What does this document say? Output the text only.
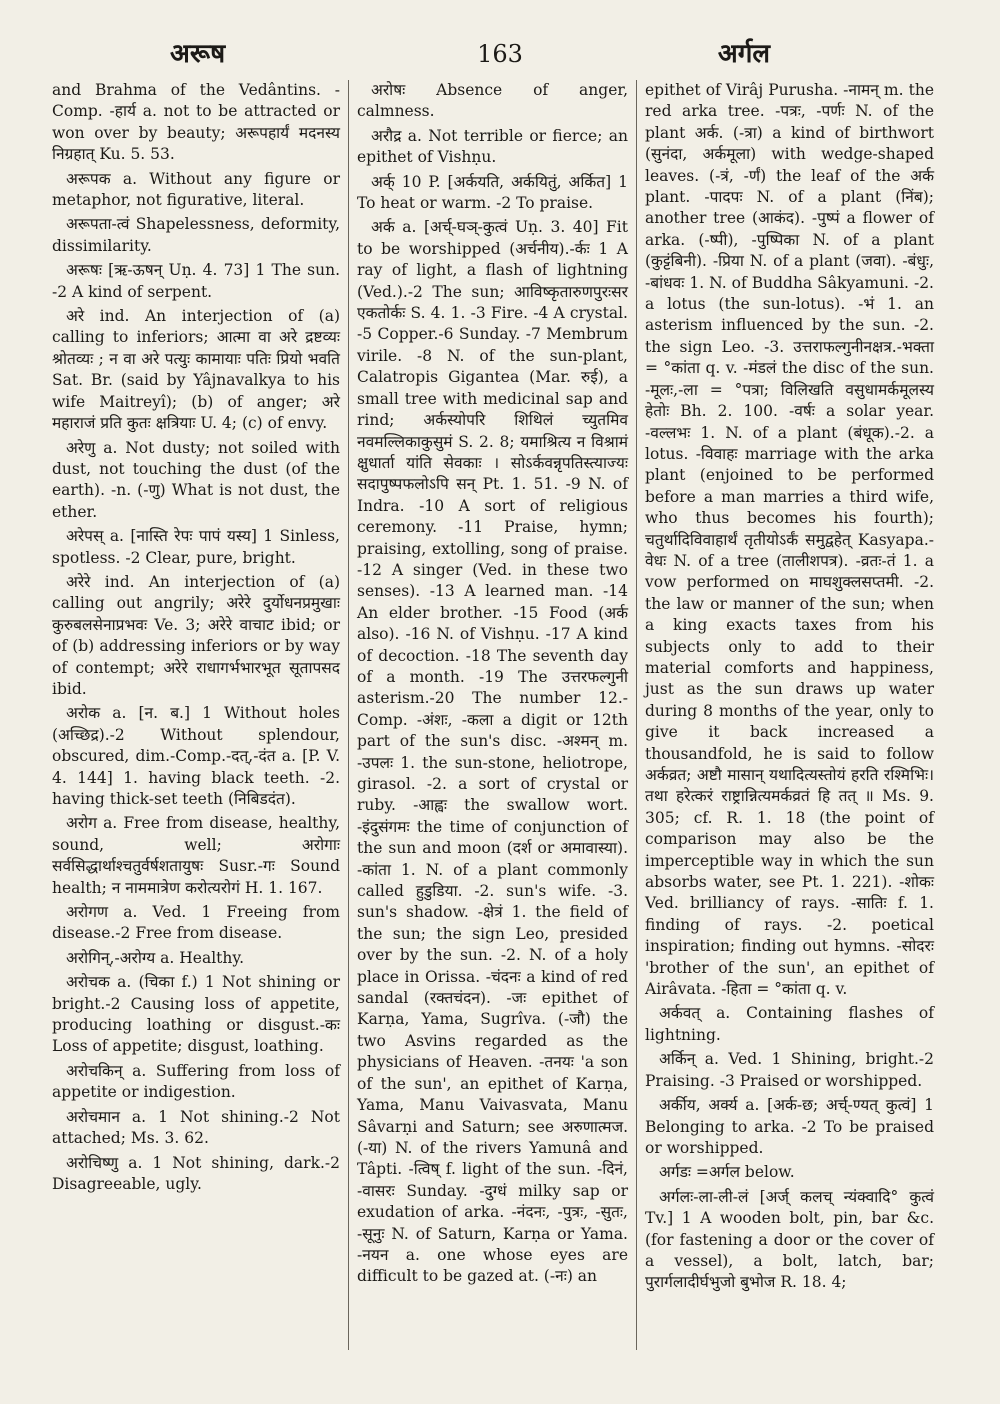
अरूष	163	अर्गल

and Brahma of the Vedântins. -Comp. -हार्य a. not to be attracted or won over by beauty; अरूपहार्यं मदनस्य निग्रहात् Ku. 5. 53.

अरूपक a. Without any figure or metaphor, not figurative, literal.

अरूपता-त्वं Shapelessness, deformity, dissimilarity.

अरूषः [ऋ-ऊषन् Uṇ. 4. 73] 1 The sun. -2 A kind of serpent.

अरे ind. An interjection of (a) calling to inferiors; आत्मा वा अरे द्रष्टव्यः श्रोतव्यः ; न वा अरे पत्युः कामायाः पतिः प्रियो भवति Sat. Br. (said by Yâjnavalkya to his wife Maitreyî); (b) of anger; अरे महाराजं प्रति कुतः क्षत्रियाः U. 4; (c) of envy.

अरेणु a. Not dusty; not soiled with dust, not touching the dust (of the earth). -n. (-णु) What is not dust, the ether.

अरेपस् a. [नास्ति रेपः पापं यस्य] 1 Sinless, spotless. -2 Clear, pure, bright.

अरेरे ind. An interjection of (a) calling out angrily; अरेरे दुर्योधनप्रमुखाः कुरुबलसेनाप्रभवः Ve. 3; अरेरे वाचाट ibid; or of (b) addressing inferiors or by way of contempt; अरेरे राधागर्भभारभूत सूतापसद ibid.

अरोक a. [न. ब.] 1 Without holes (अच्छिद्र).-2 Without splendour, obscured, dim.-Comp.-दत्,-दंत a. [P. V. 4. 144] 1. having black teeth. -2. having thick-set teeth (निबिडदंत).

अरोग a. Free from disease, healthy, sound, well; अरोगाः सर्वसिद्धार्थाश्चतुर्वर्षशतायुषः Susr.-गः Sound health; न नाममात्रेण करोत्यरोगं H. 1. 167.

अरोगण a. Ved. 1 Freeing from disease.-2 Free from disease.

अरोगिन्,-अरोग्य a. Healthy.

अरोचक a. (चिका f.) 1 Not shining or bright.-2 Causing loss of appetite, producing loathing or disgust.-कः Loss of appetite; disgust, loathing.

अरोचकिन् a. Suffering from loss of appetite or indigestion.

अरोचमान a. 1 Not shining.-2 Not attached; Ms. 3. 62.

अरोचिष्णु a. 1 Not shining, dark.-2 Disagreeable, ugly.

अरोषः Absence of anger, calmness.

अरौद्र a. Not terrible or fierce; an epithet of Vishṇu.

अर्क् 10 P. [अर्कयति, अर्कयितुं, अर्कित] 1 To heat or warm. -2 To praise.

अर्क a. [अर्च्-घञ्-कुत्वं Uṇ. 3. 40] Fit to be worshipped (अर्चनीय).-र्कः 1 A ray of light, a flash of lightning (Ved.).-2 The sun; आविष्कृतारुणपुरःसर एकतोर्कः S. 4. 1. -3 Fire. -4 A crystal. -5 Copper.-6 Sunday. -7 Membrum virile. -8 N. of the sun-plant, Calatropis Gigantea (Mar. रुई), a small tree with medicinal sap and rind; अर्कस्योपरि शिथिलं च्युतमिव नवमल्लिकाकुसुमं S. 2. 8; यमाश्रित्य न विश्रामं क्षुधार्ता यांति सेवकाः । सोऽर्कवन्नृपतिस्त्याज्यः सदापुष्पफलोऽपि सन् Pt. 1. 51. -9 N. of Indra. -10 A sort of religious ceremony. -11 Praise, hymn; praising, extolling, song of praise. -12 A singer (Ved. in these two senses). -13 A learned man. -14 An elder brother. -15 Food (अर्क also). -16 N. of Vishṇu. -17 A kind of decoction. -18 The seventh day of a month. -19 The उत्तरफल्गुनी asterism.-20 The number 12.-Comp. -अंशः, -कला a digit or 12th part of the sun's disc. -अश्मन् m. -उपलः 1. the sun-stone, heliotrope, girasol. -2. a sort of crystal or ruby. -आह्वः the swallow wort. -इंदुसंगमः the time of conjunction of the sun and moon (दर्श or अमावास्या). -कांता 1. N. of a plant commonly called हुडुडिया. -2. sun's wife. -3. sun's shadow. -क्षेत्रं 1. the field of the sun; the sign Leo, presided over by the sun. -2. N. of a holy place in Orissa. -चंदनः a kind of red sandal (रक्तचंदन). -जः epithet of Karṇa, Yama, Sugrîva. (-जौ) the two Asvins regarded as the physicians of Heaven. -तनयः 'a son of the sun', an epithet of Karṇa, Yama, Manu Vaivasvata, Manu Sâvarṇi and Saturn; see अरुणात्मज. (-या) N. of the rivers Yamunâ and Tâpti. -त्विष् f. light of the sun. -दिनं, -वासरः Sunday. -दुग्धं milky sap or exudation of arka. -नंदनः, -पुत्रः, -सुतः, -सूनुः N. of Saturn, Karṇa or Yama. -नयन a. one whose eyes are difficult to be gazed at. (-नः) an

epithet of Virâj Purusha. -नामन् m. the red arka tree. -पत्रः, -पर्णः N. of the plant अर्क. (-त्रा) a kind of birthwort (सुनंदा, अर्कमूला) with wedge-shaped leaves. (-त्रं, -र्णं) the leaf of the अर्क plant. -पादपः N. of a plant (निंब); another tree (आकंद). -पुष्पं a flower of arka. (-ष्पी), -पुष्पिका N. of a plant (कुट्टंबिनी). -प्रिया N. of a plant (जवा). -बंधुः, -बांधवः 1. N. of Buddha Sâkyamuni. -2. a lotus (the sun-lotus). -भं 1. an asterism influenced by the sun. -2. the sign Leo. -3. उत्तराफल्गुनीनक्षत्र.-भक्ता = °कांता q. v. -मंडलं the disc of the sun. -मूलः,-ला = °पत्रा; विलिखति वसुधामर्कमूलस्य हेतोः Bh. 2. 100. -वर्षः a solar year. -वल्लभः 1. N. of a plant (बंधूक).-2. a lotus. -विवाहः marriage with the arka plant (enjoined to be performed before a man marries a third wife, who thus becomes his fourth); चतुर्थादिविवाहार्थं तृतीयोऽर्कं समुद्वहेत् Kasyapa.-वेधः N. of a tree (तालीशपत्र). -व्रतः-तं 1. a vow performed on माघशुक्लसप्तमी. -2. the law or manner of the sun; when a king exacts taxes from his subjects only to add to their material comforts and happiness, just as the sun draws up water during 8 months of the year, only to give it back increased a thousandfold, he is said to follow अर्कव्रत; अष्टौ मासान् यथादित्यस्तोयं हरति रश्मिभिः। तथा हरेत्करं राष्ट्रान्नित्यमर्कव्रतं हि तत् ॥ Ms. 9. 305; cf. R. 1. 18 (the point of comparison may also be the imperceptible way in which the sun absorbs water, see Pt. 1. 221). -शोकः Ved. brilliancy of rays. -सातिः f. 1. finding of rays. -2. poetical inspiration; finding out hymns. -सोदरः 'brother of the sun', an epithet of Airâvata. -हिता = °कांता q. v.

अर्कवत् a. Containing flashes of lightning.

अर्किन् a. Ved. 1 Shining, bright.-2 Praising. -3 Praised or worshipped.

अर्कीय, अर्क्य a. [अर्क-छ; अर्च्-ण्यत् कुत्वं] 1 Belonging to arka. -2 To be praised or worshipped.

अर्गडः =अर्गल below.

अर्गलः-ला-ली-लं [अर्ज् कलच् न्यंक्वादि° कुत्वं Tv.] 1 A wooden bolt, pin, bar &c. (for fastening a door or the cover of a vessel), a bolt, latch, bar; पुरार्गलादीर्घभुजो बुभोज R. 18. 4;
